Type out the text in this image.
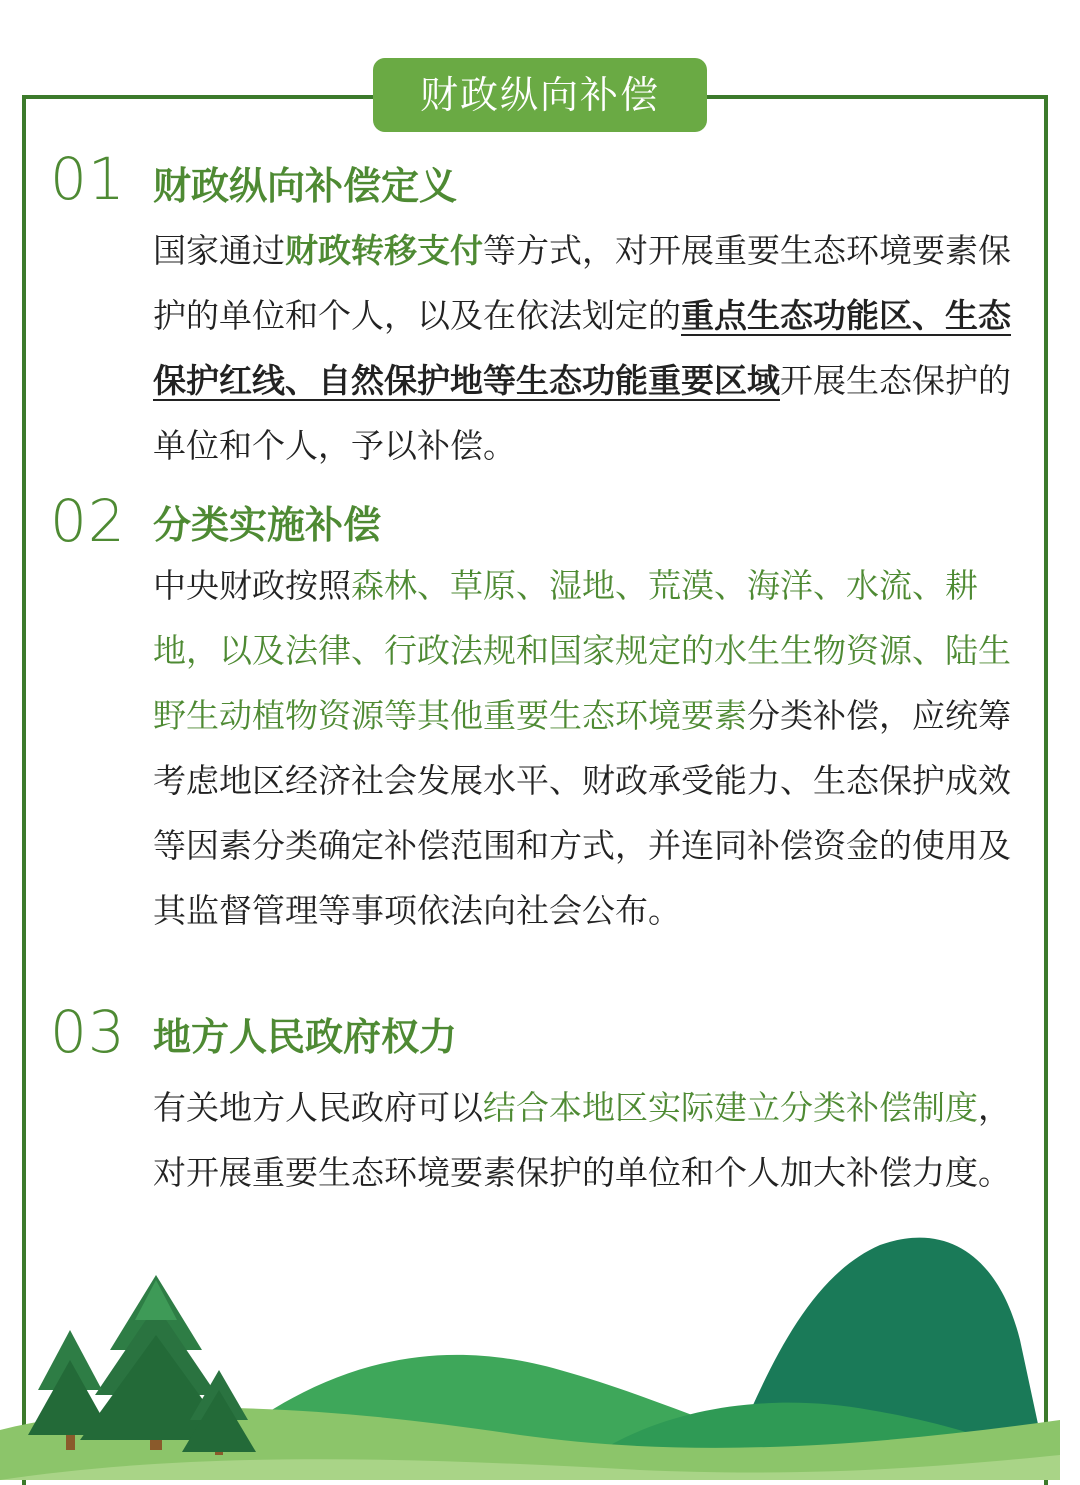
财政纵向补偿
01 财政纵向补偿定义
国家通过财政转移支付等方式，对开展重要生态环境要素保护的单位和个人，以及在依法划定的重点生态功能区、生态保护红线、自然保护地等生态功能重要区域开展生态保护的单位和个人，予以补偿。
02 分类实施补偿
中央财政按照森林、草原、湿地、荒漠、海洋、水流、耕地，以及法律、行政法规和国家规定的水生生物资源、陆生野生动植物资源等其他重要生态环境要素分类补偿，应统筹考虑地区经济社会发展水平、财政承受能力、生态保护成效等因素分类确定补偿范围和方式，并连同补偿资金的使用及其监督管理等事项依法向社会公布。
03 地方人民政府权力
有关地方人民政府可以结合本地区实际建立分类补偿制度，对开展重要生态环境要素保护的单位和个人加大补偿力度。
